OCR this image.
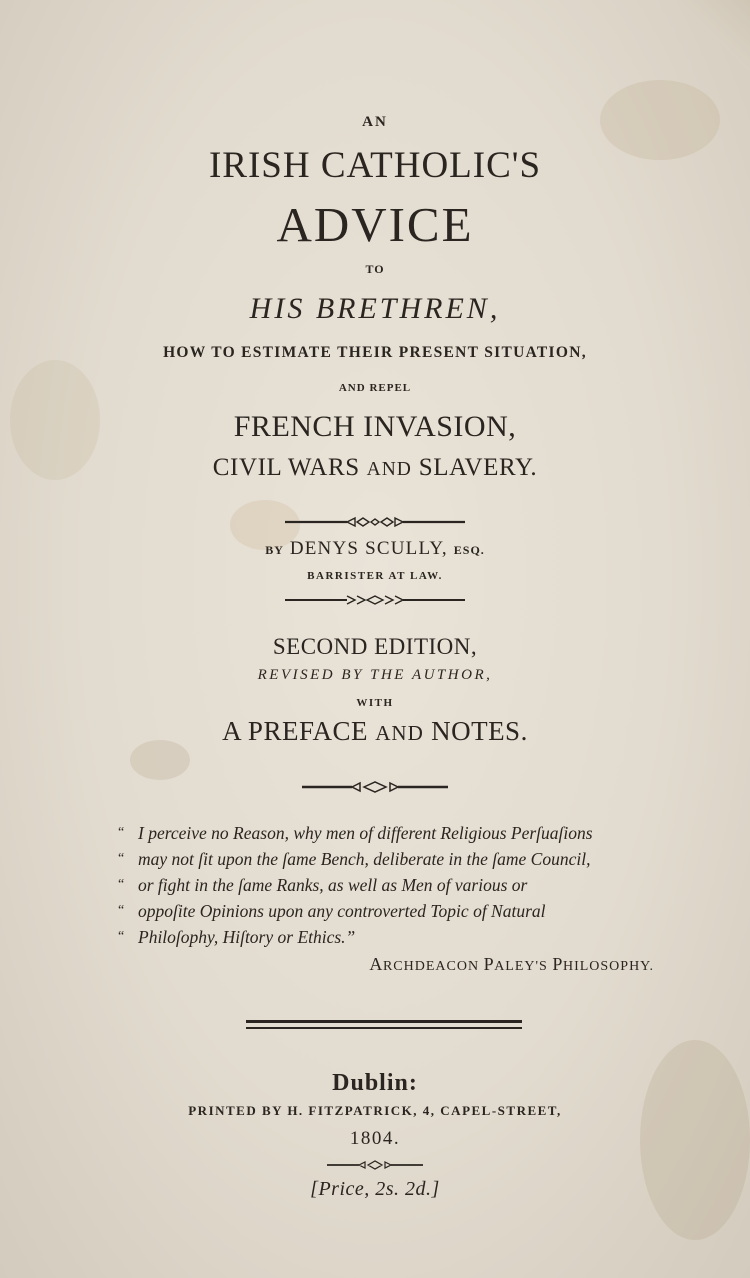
AN
IRISH CATHOLIC'S
ADVICE
TO
HIS BRETHREN,
HOW TO ESTIMATE THEIR PRESENT SITUATION,
AND REPEL
FRENCH INVASION,
CIVIL WARS AND SLAVERY.
BY DENYS SCULLY, ESQ.
BARRISTER AT LAW.
SECOND EDITION,
REVISED BY THE AUTHOR,
WITH
A PREFACE AND NOTES.
“ I perceive no Reason, why men of different Religious Perſuaſions
“ may not ſit upon the ſame Bench, deliberate in the ſame Council,
“ or fight in the ſame Ranks, as well as Men of various or
“ oppoſite Opinions upon any controverted Topic of Natural
“ Philoſophy, Hiſtory or Ethics.”
ARCHDEACON PALEY'S PHILOSOPHY.
Dublin:
PRINTED BY H. FITZPATRICK, 4, CAPEL-STREET,
1804.
[Price, 2s. 2d.]
